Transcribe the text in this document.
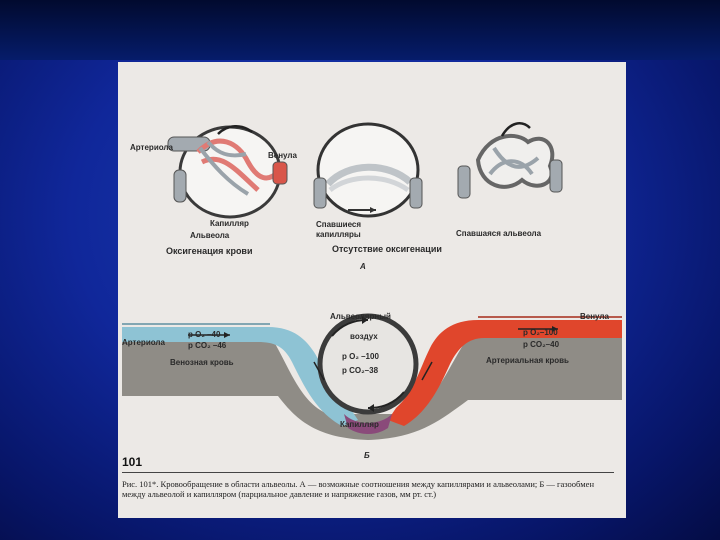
Артериола
Венула
Капилляр
Альвеола
Оксигенация крови
Спавшиеся
капилляры
Отсутствие оксигенации
Спавшаяся альвеола
А
Альвеолярный
воздух
р O₂ –100
р CO₂–38
Артериола
р O₂ –40
р CO₂ –46
Венозная кровь
Венула
р O₂–100
р CO₂–40
Артериальная кровь
Капилляр
Б
101
Рис. 101*. Кровообращение в области альвеолы. А — возможные соотношения между капиллярами и альвеолами; Б — газообмен между альвеолой и капилляром (парциальное давление и напряжение газов, мм рт. ст.)
